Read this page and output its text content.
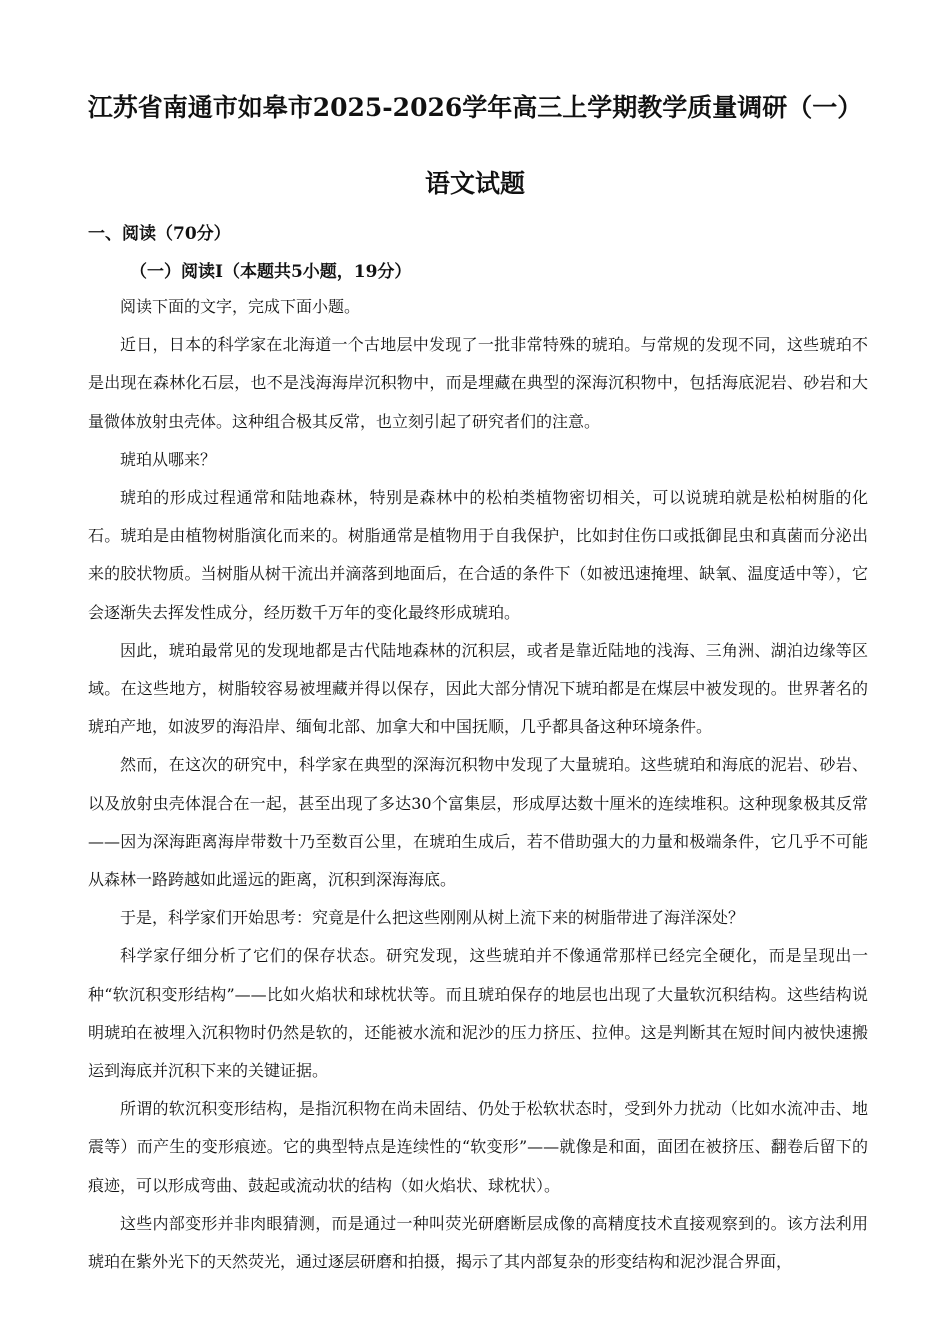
江苏省南通市如皋市2025-2026学年高三上学期教学质量调研（一）
语文试题
一、阅读（70分）
（一）阅读Ⅰ（本题共5小题，19分）

阅读下面的文字，完成下面小题。

近日，日本的科学家在北海道一个古地层中发现了一批非常特殊的琥珀。与常规的发现不同，这些琥珀不是出现在森林化石层，也不是浅海海岸沉积物中，而是埋藏在典型的深海沉积物中，包括海底泥岩、砂岩和大量微体放射虫壳体。这种组合极其反常，也立刻引起了研究者们的注意。

琥珀从哪来？

琥珀的形成过程通常和陆地森林，特别是森林中的松柏类植物密切相关，可以说琥珀就是松柏树脂的化石。琥珀是由植物树脂演化而来的。树脂通常是植物用于自我保护，比如封住伤口或抵御昆虫和真菌而分泌出来的胶状物质。当树脂从树干流出并滴落到地面后，在合适的条件下（如被迅速掩埋、缺氧、温度适中等），它会逐渐失去挥发性成分，经历数千万年的变化最终形成琥珀。

因此，琥珀最常见的发现地都是古代陆地森林的沉积层，或者是靠近陆地的浅海、三角洲、湖泊边缘等区域。在这些地方，树脂较容易被埋藏并得以保存，因此大部分情况下琥珀都是在煤层中被发现的。世界著名的琥珀产地，如波罗的海沿岸、缅甸北部、加拿大和中国抚顺，几乎都具备这种环境条件。

然而，在这次的研究中，科学家在典型的深海沉积物中发现了大量琥珀。这些琥珀和海底的泥岩、砂岩、以及放射虫壳体混合在一起，甚至出现了多达30个富集层，形成厚达数十厘米的连续堆积。这种现象极其反常——因为深海距离海岸带数十乃至数百公里，在琥珀生成后，若不借助强大的力量和极端条件，它几乎不可能从森林一路跨越如此遥远的距离，沉积到深海海底。

于是，科学家们开始思考：究竟是什么把这些刚刚从树上流下来的树脂带进了海洋深处？

科学家仔细分析了它们的保存状态。研究发现，这些琥珀并不像通常那样已经完全硬化，而是呈现出一种“软沉积变形结构”——比如火焰状和球枕状等。而且琥珀保存的地层也出现了大量软沉积结构。这些结构说明琥珀在被埋入沉积物时仍然是软的，还能被水流和泥沙的压力挤压、拉伸。这是判断其在短时间内被快速搬运到海底并沉积下来的关键证据。

所谓的软沉积变形结构，是指沉积物在尚未固结、仍处于松软状态时，受到外力扰动（比如水流冲击、地震等）而产生的变形痕迹。它的典型特点是连续性的“软变形”——就像是和面，面团在被挤压、翻卷后留下的痕迹，可以形成弯曲、鼓起或流动状的结构（如火焰状、球枕状）。

这些内部变形并非肉眼猜测，而是通过一种叫荧光研磨断层成像的高精度技术直接观察到的。该方法利用琥珀在紫外光下的天然荧光，通过逐层研磨和拍摄，揭示了其内部复杂的形变结构和泥沙混合界面，
